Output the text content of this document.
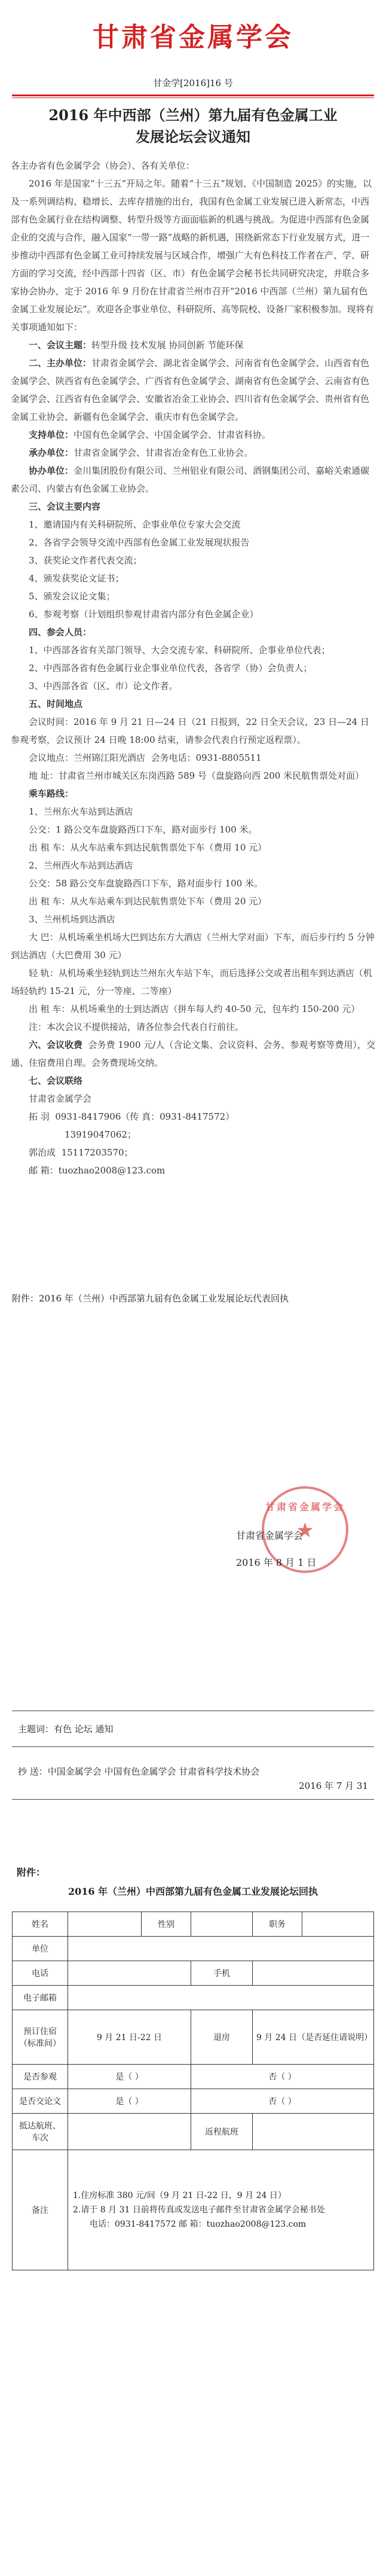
甘肃省金属学会
甘金学[2016]16 号
2016 年中西部（兰州）第九届有色金属工业
发展论坛会议通知

各主办省有色金属学会（协会）、各有关单位：

2016 年是国家“十三五”开局之年。随着“十三五”规划、《中国制造 2025》的实施，以及一系列调结构、稳增长、去库存措施的出台，我国有色金属工业发展已进入新常态，中西部有色金属行业在结构调整、转型升级等方面面临新的机遇与挑战。为促进中西部有色金属企业的交流与合作，融入国家“一带一路”战略的新机遇，围绕新常态下行业发展方式，进一步推动中西部有色金属工业可持续发展与区域合作，增强广大有色科技工作者在产、学、研方面的学习交流，经中西部十四省（区、市）有色金属学会秘书长共同研究决定，并联合多家协会协办，定于 2016 年 9 月份在甘肃省兰州市召开“2016 中西部（兰州）第九届有色金属工业发展论坛”。欢迎各企事业单位、科研院所、高等院校、设备厂家积极参加。现将有关事项通知如下：

一、会议主题：转型升级 技术发展 协同创新 节能环保

二、主办单位：甘肃省金属学会、湖北省金属学会、河南省有色金属学会、山西省有色金属学会、陕西省有色金属学会、广西省有色金属学会、湖南省有色金属学会、云南省有色金属学会、江西省有色金属学会、安徽省冶金工业协会、四川省有色金属学会、贵州省有色金属工业协会、新疆有色金属学会、重庆市有色金属学会。

支持单位：中国有色金属学会、中国金属学会、甘肃省科协。

承办单位：甘肃省金属学会、甘肃省冶金有色工业协会。

协办单位：金川集团股份有限公司、兰州铝业有限公司、酒钢集团公司、嘉峪关索通碳素公司、内蒙古有色金属工业协会。

三、会议主要内容

1、邀请国内有关科研院所、企事业单位专家大会交流

2、各省学会领导交流中西部有色金属工业发展现状报告

3、获奖论文作者代表交流；

4、颁发获奖论文证书；

5、颁发会议论文集；

6、参观考察（计划组织参观甘肃省内部分有色金属企业）

四、参会人员：

1、中西部各省有关部门领导、大会交流专家、科研院所、企事业单位代表；

2、中西部各省有色金属行业企事业单位代表，各省学（协）会负责人；

3、中西部各省（区、市）论文作者。

五、时间地点

会议时间：2016 年 9 月 21 日—24 日（21 日报到，22 日全天会议，23 日—24 日参观考察，会议预计 24 日晚 18:00 结束，请参会代表自行预定返程票）。

会议地点：兰州锦江阳光酒店 会务电话：0931-8805511

地 址：甘肃省兰州市城关区东岗西路 589 号（盘旋路向西 200 米民航售票处对面）

乘车路线：

1、兰州东火车站到达酒店

公交：1 路公交车盘旋路西口下车，路对面步行 100 米。

出 租 车：从火车站乘车到达民航售票处下车（费用 10 元）

2、兰州西火车站到达酒店

公交：58 路公交车盘旋路西口下车，路对面步行 100 米。

出 租 车：从火车站乘车到达民航售票处下车（费用 20 元）

3、兰州机场到达酒店

大 巴：从机场乘坐机场大巴到达东方大酒店（兰州大学对面）下车，而后步行约 5 分钟到达酒店（大巴费用 30 元）

轻 轨：从机场乘坐轻轨到达兰州东火车站下车，而后选择公交或者出租车到达酒店（机场轻轨约 15-21 元，分一等座、二等座）

出 租 车：从机场乘坐的士到达酒店（拼车每人约 40-50 元，包车约 150-200 元）

注：本次会议不提供接站，请各位参会代表自行前往。

六、会议收费 会务费 1900 元/人（含论文集、会议资料、会务、参观考察等费用），交通、住宿费用自理。会务费现场交纳。

七、会议联络

甘肃省金属学会

拓 羽 0931-8417906（传 真：0931-8417572）

13919047062；

郭治成 15117203570；

邮 箱：tuozhao2008@123.com

附件：2016 年（兰州）中西部第九届有色金属工业发展论坛代表回执
甘肃省金属学会
★
甘肃省金属学会
2016 年 8 月 1 日
主题词：有色 论坛 通知
抄 送：中国金属学会 中国有色金属学会 甘肃省科学技术协会
2016 年 7 月 31
附件：
2016 年（兰州）中西部第九届有色金属工业发展论坛回执
姓名		性别		职务	
单位					
电话			手机		
电子邮箱					
预订住宿（标准间）	9 月 21 日-22 日		退房	9 月 24 日（是否延住请说明）	

是否参观	是（ ）		否（ ）		
是否交论文	是（ ）		否（ ）		
抵达航班、车次			返程航班		
备注	1.住房标准 380 元/间（9 月 21 日-22 日，9 月 24 日）
2.请于 8 月 31 日前将传真或发送电子邮件至甘肃省金属学会秘书处
电话：0931-8417572 邮 箱：tuozhao2008@123.com				
